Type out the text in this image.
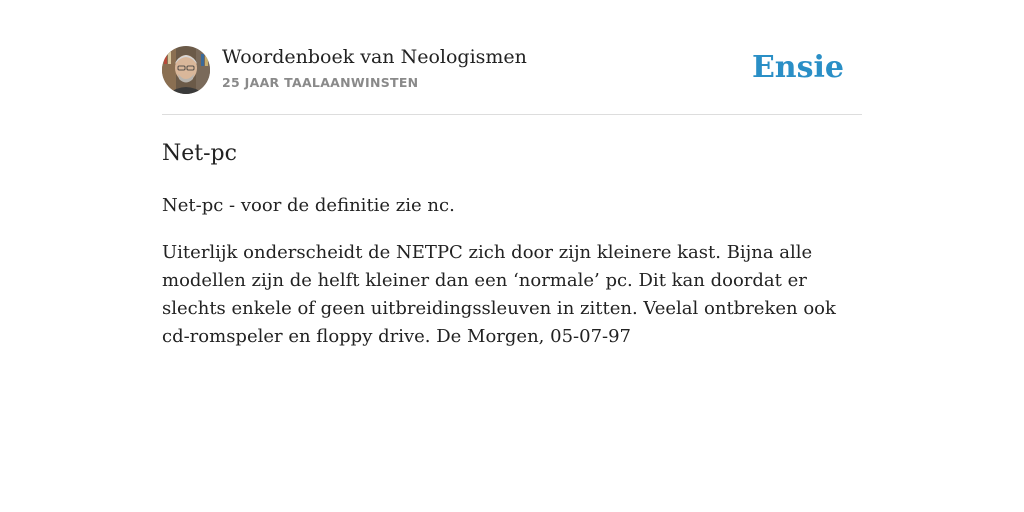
Woordenboek van Neologismen
25 JAAR TAALAANWINSTEN	Ensie
Net-pc

Net-pc - voor de definitie zie nc.

Uiterlijk onderscheidt de NETPC zich door zijn kleinere kast. Bijna alle modellen zijn de helft kleiner dan een ‘normale’ pc. Dit kan doordat er slechts enkele of geen uitbreidingssleuven in zitten. Veelal ontbreken ook cd-romspeler en floppy drive. De Morgen, 05-07-97
